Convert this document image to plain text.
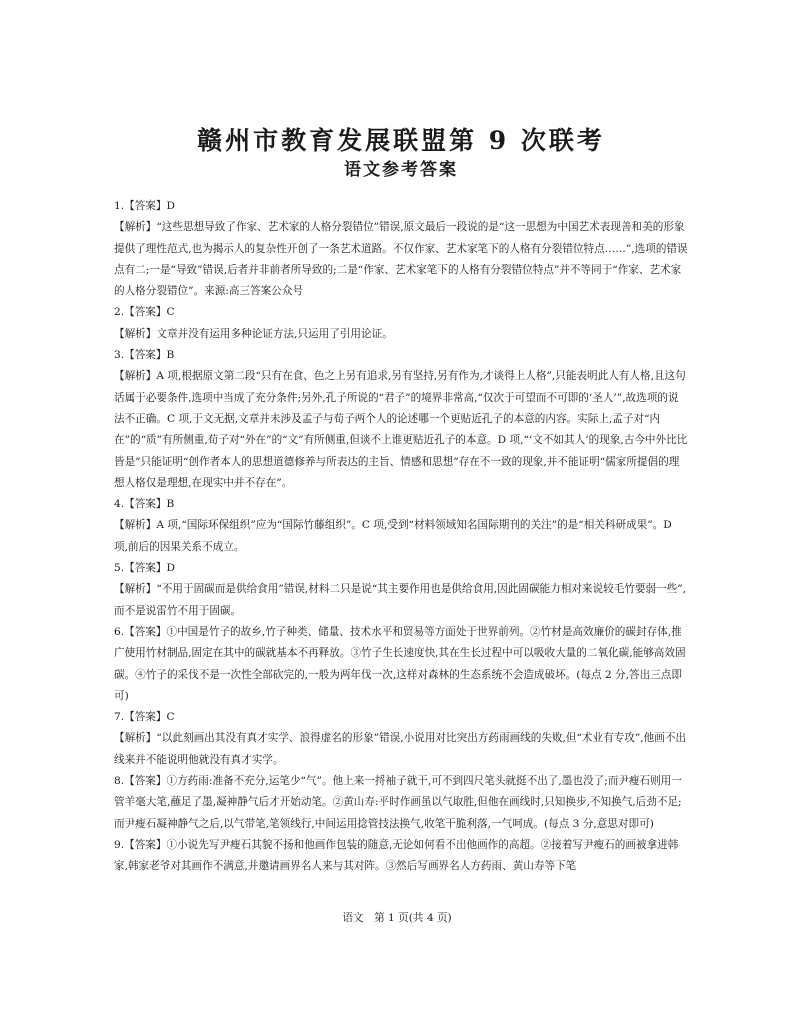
赣州市教育发展联盟第 9 次联考
语文参考答案
1.【答案】D
【解析】“这些思想导致了作家、艺术家的人格分裂错位”错误,原文最后一段说的是“这一思想为中国艺术表现善和美的形象提供了理性范式,也为揭示人的复杂性开创了一条艺术道路。不仅作家、艺术家笔下的人格有分裂错位特点……”,选项的错误点有二;一是“导致”错误,后者并非前者所导致的;二是“作家、艺术家笔下的人格有分裂错位特点”并不等同于“作家、艺术家的人格分裂错位”。来源:高三答案公众号
2.【答案】C
【解析】文章并没有运用多种论证方法,只运用了引用论证。
3.【答案】B
【解析】A 项,根据原文第二段“只有在食、色之上另有追求,另有坚持,另有作为,才谈得上人格”,只能表明此人有人格,且这句话属于必要条件,选项中当成了充分条件;另外,孔子所说的“君子”的境界非常高,“仅次于可望而不可即的‘圣人’”,故选项的说法不正确。C 项,于文无据,文章并未涉及孟子与荀子两个人的论述哪一个更贴近孔子的本意的内容。实际上,孟子对“内在”的“质”有所侧重,荀子对“外在”的“文”有所侧重,但谈不上谁更贴近孔子的本意。D 项,“‘文不如其人’的现象,古今中外比比皆是”只能证明“创作者本人的思想道德修养与所表达的主旨、情感和思想”存在不一致的现象,并不能证明“儒家所提倡的理想人格仅是理想,在现实中并不存在”。
4.【答案】B
【解析】A 项,“国际环保组织”应为“国际竹藤组织”。C 项,受到“材料领域知名国际期刊的关注”的是“相关科研成果”。D 项,前后的因果关系不成立。
5.【答案】D
【解析】“不用于固碳而是供给食用”错误,材料二只是说“其主要作用也是供给食用,因此固碳能力相对来说较毛竹要弱一些”,而不是说雷竹不用于固碳。
6.【答案】①中国是竹子的故乡,竹子种类、储量、技术水平和贸易等方面处于世界前列。②竹材是高效廉价的碳封存体,推广使用竹材制品,固定在其中的碳就基本不再释放。③竹子生长速度快,其在生长过程中可以吸收大量的二氧化碳,能够高效固碳。④竹子的采伐不是一次性全部砍完的,一般为两年伐一次,这样对森林的生态系统不会造成破坏。(每点 2 分,答出三点即可)
7.【答案】C
【解析】“以此刻画出其没有真才实学、浪得虚名的形象”错误,小说用对比突出方药雨画线的失败,但“术业有专攻”,他画不出线来并不能说明他就没有真才实学。
8.【答案】①方药雨:准备不充分,运笔少“气”。他上来一捋袖子就干,可不到四尺笔头就挺不出了,墨也没了;而尹瘦石则用一管羊毫大笔,蘸足了墨,凝神静气后才开始动笔。②黄山寿:平时作画虽以气取胜,但他在画线时,只知换步,不知换气,后劲不足;而尹瘦石凝神静气之后,以气带笔,笔领线行,中间运用捻管技法换气,收笔干脆利落,一气呵成。(每点 3 分,意思对即可)
9.【答案】①小说先写尹瘦石其貌不扬和他画作包装的随意,无论如何看不出他画作的高超。②接着写尹瘦石的画被拿进韩家,韩家老爷对其画作不满意,并邀请画界名人来与其对阵。③然后写画界名人方药雨、黄山寿等下笔
语文　第 1 页(共 4 页)
